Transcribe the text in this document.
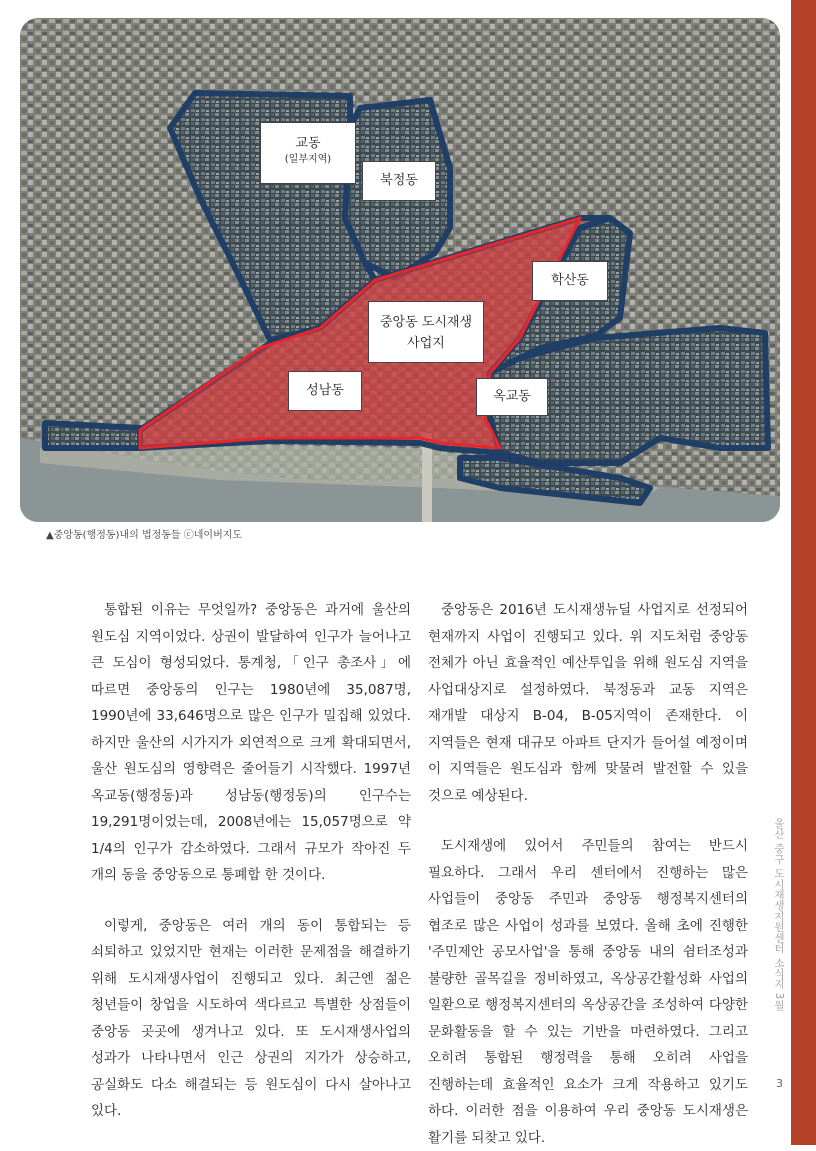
울산 중구 도시재생지원센터 소식지 3월
3
교동
(일부지역)
북정동
학산동
중앙동 도시재생
사업지
성남동	옥교동
▲중앙동(행정동)내의 법정동들 ⓒ네이버지도

통합된 이유는 무엇일까? 중앙동은 과거에 울산의 원도심 지역이었다. 상권이 발달하여 인구가 늘어나고 큰 도심이 형성되었다. 통계청,「인구 총조사」에 따르면 중앙동의 인구는 1980년에 35,087명, 1990년에 33,646명으로 많은 인구가 밀집해 있었다. 하지만 울산의 시가지가 외연적으로 크게 확대되면서, 울산 원도심의 영향력은 줄어들기 시작했다. 1997년 옥교동(행정동)과 성남동(행정동)의 인구수는 19,291명이었는데, 2008년에는 15,057명으로 약 1/4의 인구가 감소하였다. 그래서 규모가 작아진 두 개의 동을 중앙동으로 통폐합 한 것이다.

이렇게, 중앙동은 여러 개의 동이 통합되는 등 쇠퇴하고 있었지만 현재는 이러한 문제점을 해결하기 위해 도시재생사업이 진행되고 있다. 최근엔 젊은 청년들이 창업을 시도하여 색다르고 특별한 상점들이 중앙동 곳곳에 생겨나고 있다. 또 도시재생사업의 성과가 나타나면서 인근 상권의 지가가 상승하고, 공실화도 다소 해결되는 등 원도심이 다시 살아나고 있다.

중앙동은 2016년 도시재생뉴딜 사업지로 선정되어 현재까지 사업이 진행되고 있다. 위 지도처럼 중앙동 전체가 아닌 효율적인 예산투입을 위해 원도심 지역을 사업대상지로 설정하였다. 북정동과 교동 지역은 재개발 대상지 B-04, B-05지역이 존재한다. 이 지역들은 현재 대규모 아파트 단지가 들어설 예정이며 이 지역들은 원도심과 함께 맞물려 발전할 수 있을 것으로 예상된다.

도시재생에 있어서 주민들의 참여는 반드시 필요하다. 그래서 우리 센터에서 진행하는 많은 사업들이 중앙동 주민과 중앙동 행정복지센터의 협조로 많은 사업이 성과를 보였다. 올해 초에 진행한 '주민제안 공모사업'을 통해 중앙동 내의 쉼터조성과 불량한 골목길을 정비하였고, 옥상공간활성화 사업의 일환으로 행정복지센터의 옥상공간을 조성하여 다양한 문화활동을 할 수 있는 기반을 마련하였다. 그리고 오히려 통합된 행정력을 통해 오히려 사업을 진행하는데 효율적인 요소가 크게 작용하고 있기도 하다. 이러한 점을 이용하여 우리 중앙동 도시재생은 활기를 되찾고 있다.
